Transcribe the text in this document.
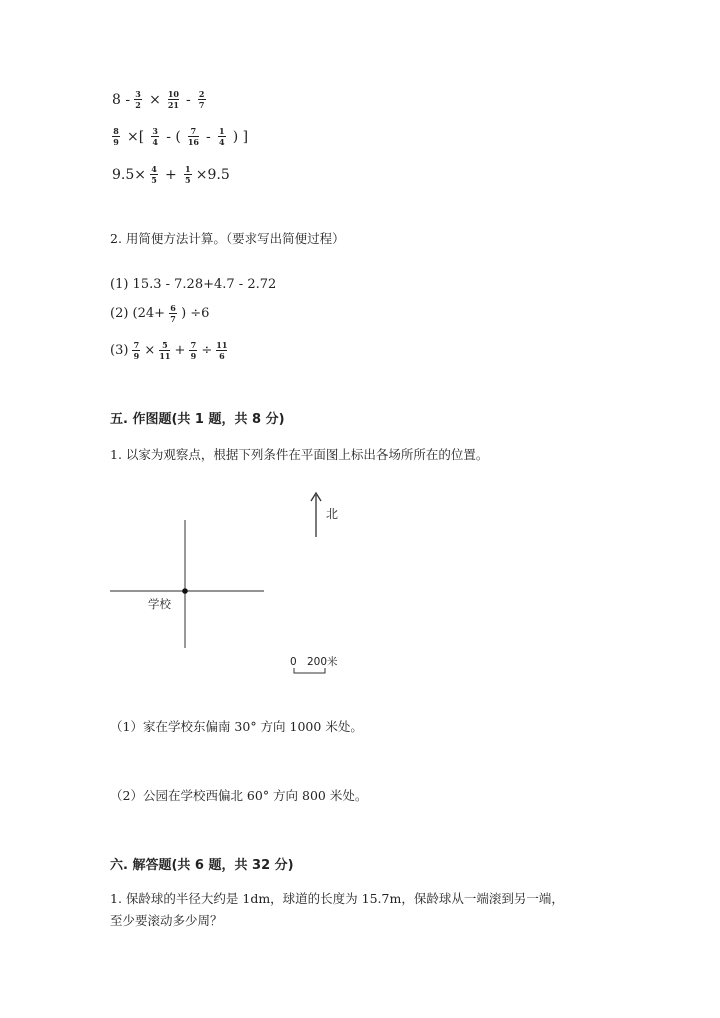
$8 - \frac{3}{2} \times \frac{10}{21} - \frac{2}{7}$
$\frac{8}{9}$ ×[ $\frac{3}{4}$ - ( $\frac{7}{16} - \frac{1}{4}$ ) ]
$9.5\times \frac{4}{5} + \frac{1}{5} \times 9.5$
2. 用简便方法计算。（要求写出简便过程）
(1) 15.3 - 7.28+4.7 - 2.72
(2) ($24+ \frac{6}{7}$ ) ÷6
$(3) \frac{7}{9} \times \frac{5}{11} + \frac{7}{9} \div \frac{11}{6}$
五. 作图题(共 1 题，共 8 分)
1. 以家为观察点，根据下列条件在平面图上标出各场所所在的位置。
北
学校
0 200米
（1）家在学校东偏南 30° 方向 1000 米处。
（2）公园在学校西偏北 60° 方向 800 米处。
六. 解答题(共 6 题，共 32 分)
1. 保龄球的半径大约是 1dm，球道的长度为 15.7m，保龄球从一端滚到另一端，
至少要滚动多少周？
